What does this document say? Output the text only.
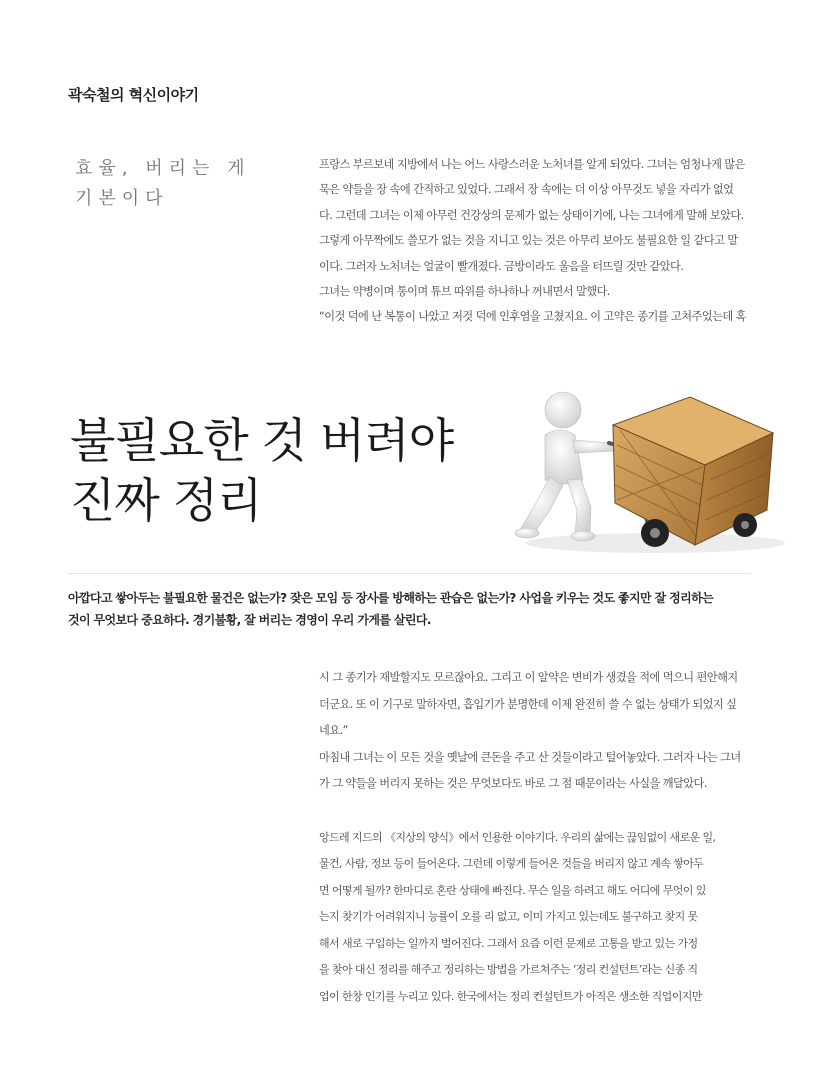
곽숙철의 혁신이야기
효율, 버리는 게
기본이다
프랑스 부르보네 지방에서 나는 어느 사랑스러운 노처녀를 알게 되었다. 그녀는 엄청나게 많은
묵은 약들을 장 속에 간직하고 있었다. 그래서 장 속에는 더 이상 아무것도 넣을 자리가 없었
다. 그런데 그녀는 이제 아무런 건강상의 문제가 없는 상태이기에, 나는 그녀에게 말해 보았다.
그렇게 아무짝에도 쓸모가 없는 것을 지니고 있는 것은 아무리 보아도 불필요한 일 같다고 말
이다. 그러자 노처녀는 얼굴이 빨개졌다. 금방이라도 울음을 터뜨릴 것만 같았다.
그녀는 약병이며 통이며 튜브 따위를 하나하나 꺼내면서 말했다.
“이것 덕에 난 복통이 나았고 저것 덕에 인후염을 고쳤지요. 이 고약은 종기를 고쳐주었는데 혹
불필요한 것 버려야
진짜 정리
아깝다고 쌓아두는 불필요한 물건은 없는가? 잦은 모임 등 장사를 방해하는 관습은 없는가? 사업을 키우는 것도 좋지만 잘 정리하는
것이 무엇보다 중요하다. 경기불황, 잘 버리는 경영이 우리 가게를 살린다.
시 그 종기가 재발할지도 모르잖아요. 그리고 이 알약은 변비가 생겼을 적에 먹으니 편안해지
더군요. 또 이 기구로 말하자면, 흡입기가 분명한데 이제 완전히 쓸 수 없는 상태가 되었지 싶
네요.”
마침내 그녀는 이 모든 것을 옛날에 큰돈을 주고 산 것들이라고 털어놓았다. 그러자 나는 그녀
가 그 약들을 버리지 못하는 것은 무엇보다도 바로 그 점 때문이라는 사실을 깨달았다.
앙드레 지드의 《지상의 양식》에서 인용한 이야기다. 우리의 삶에는 끊임없이 새로운 일,
물건, 사람, 정보 등이 들어온다. 그런데 이렇게 들어온 것들을 버리지 않고 계속 쌓아두
면 어떻게 될까? 한마디로 혼란 상태에 빠진다. 무슨 일을 하려고 해도 어디에 무엇이 있
는지 찾기가 어려워지니 능률이 오를 리 없고, 이미 가지고 있는데도 불구하고 찾지 못
해서 새로 구입하는 일까지 벌어진다. 그래서 요즘 이런 문제로 고통을 받고 있는 가정
을 찾아 대신 정리를 해주고 정리하는 방법을 가르쳐주는 ‘정리 컨설턴트’라는 신종 직
업이 한창 인기를 누리고 있다. 한국에서는 정리 컨설턴트가 아직은 생소한 직업이지만
